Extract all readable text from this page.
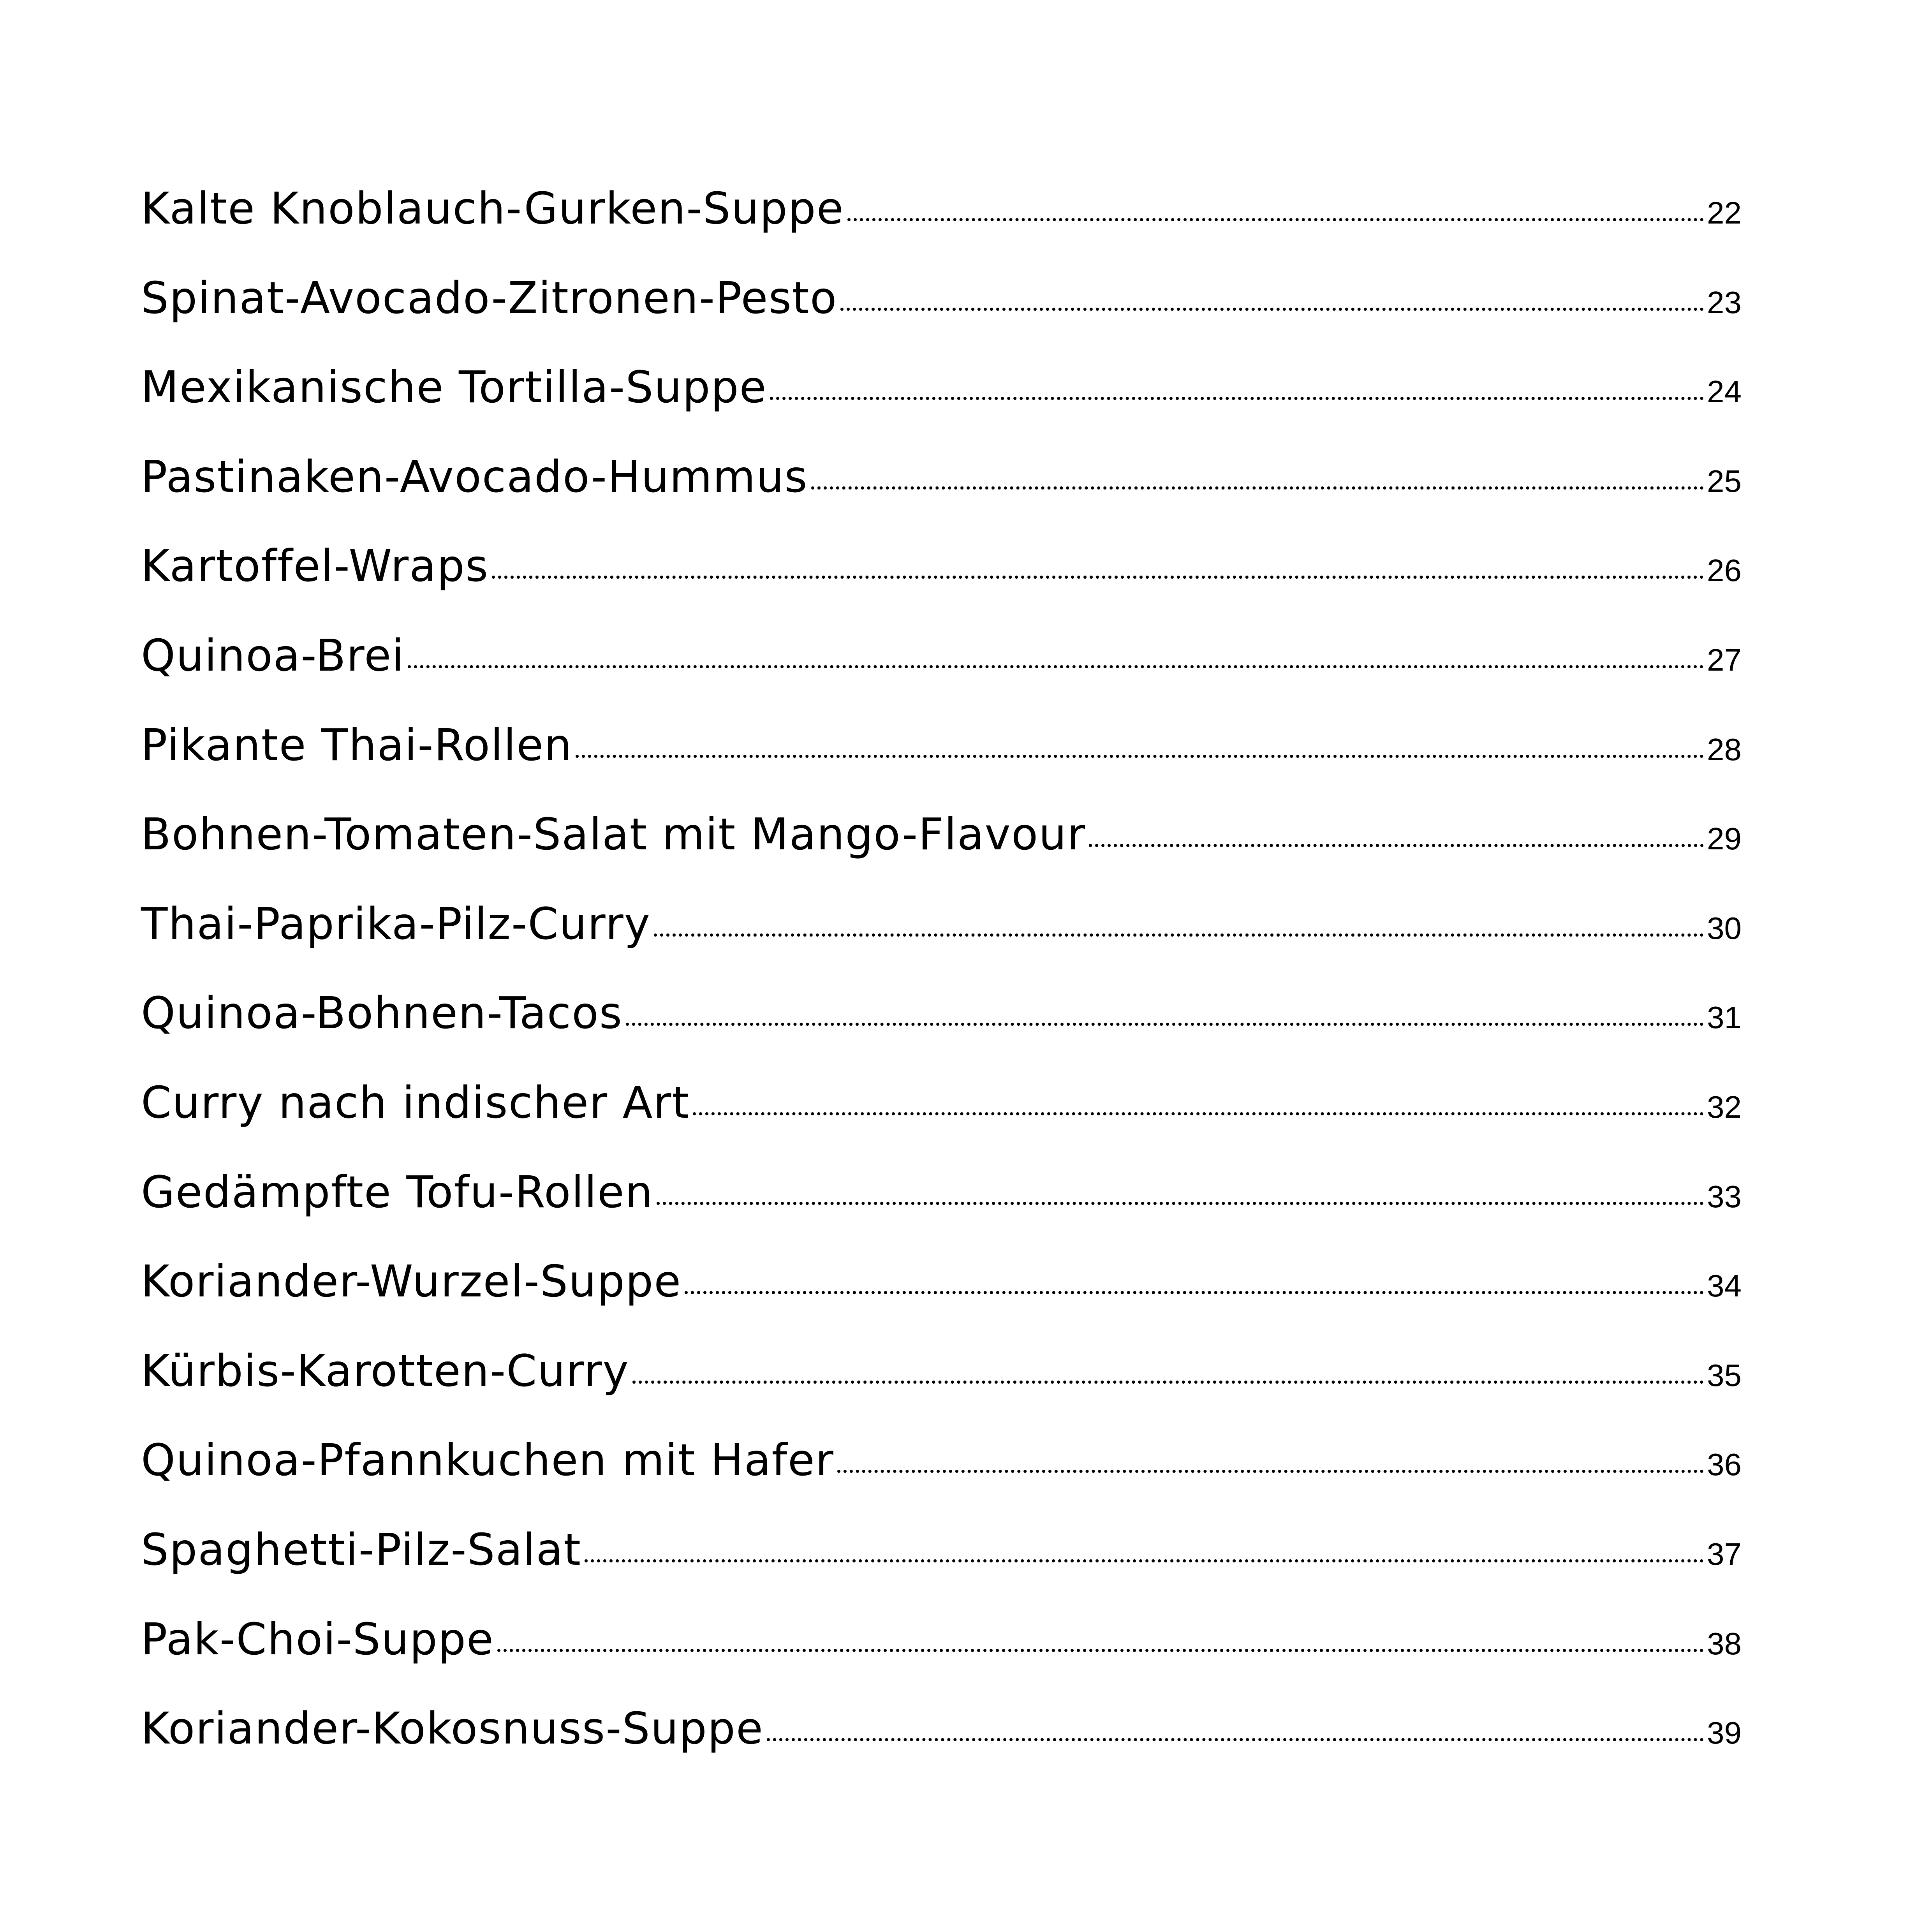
Kalte Knoblauch-Gurken-Suppe	22
Spinat-Avocado-Zitronen-Pesto	23
Mexikanische Tortilla-Suppe	24
Pastinaken-Avocado-Hummus	25
Kartoffel-Wraps	26
Quinoa-Brei	27
Pikante Thai-Rollen	28
Bohnen-Tomaten-Salat mit Mango-Flavour	29
Thai-Paprika-Pilz-Curry	30
Quinoa-Bohnen-Tacos	31
Curry nach indischer Art	32
Gedämpfte Tofu-Rollen	33
Koriander-Wurzel-Suppe	34
Kürbis-Karotten-Curry	35
Quinoa-Pfannkuchen mit Hafer	36
Spaghetti-Pilz-Salat	37
Pak-Choi-Suppe	38
Koriander-Kokosnuss-Suppe	39
